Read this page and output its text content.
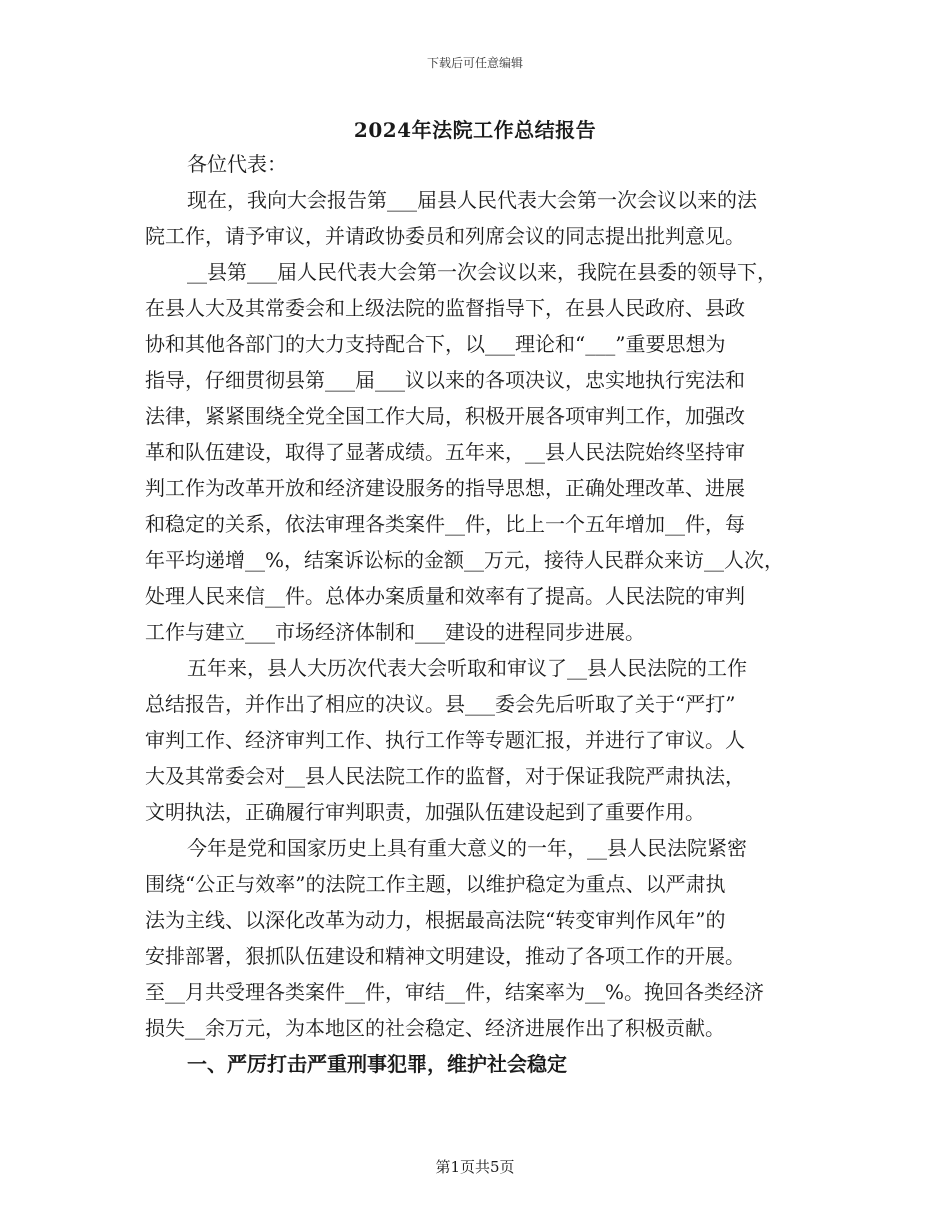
下载后可任意编辑
2024年法院工作总结报告
各位代表：
现在，我向大会报告第___届县人民代表大会第一次会议以来的法
院工作，请予审议，并请政协委员和列席会议的同志提出批判意见。
__县第___届人民代表大会第一次会议以来，我院在县委的领导下，
在县人大及其常委会和上级法院的监督指导下，在县人民政府、县政
协和其他各部门的大力支持配合下，以___理论和“___”重要思想为
指导，仔细贯彻县第___届___议以来的各项决议，忠实地执行宪法和
法律，紧紧围绕全党全国工作大局，积极开展各项审判工作，加强改
革和队伍建设，取得了显著成绩。五年来，__县人民法院始终坚持审
判工作为改革开放和经济建设服务的指导思想，正确处理改革、进展
和稳定的关系，依法审理各类案件__件，比上一个五年增加__件，每
年平均递增__%，结案诉讼标的金额__万元，接待人民群众来访__人次，
处理人民来信__件。总体办案质量和效率有了提高。人民法院的审判
工作与建立___市场经济体制和___建设的进程同步进展。
五年来，县人大历次代表大会听取和审议了__县人民法院的工作
总结报告，并作出了相应的决议。县___委会先后听取了关于“严打”
审判工作、经济审判工作、执行工作等专题汇报，并进行了审议。人
大及其常委会对__县人民法院工作的监督，对于保证我院严肃执法，
文明执法，正确履行审判职责，加强队伍建设起到了重要作用。
今年是党和国家历史上具有重大意义的一年，__县人民法院紧密
围绕“公正与效率”的法院工作主题，以维护稳定为重点、以严肃执
法为主线、以深化改革为动力，根据最高法院“转变审判作风年”的
安排部署，狠抓队伍建设和精神文明建设，推动了各项工作的开展。
至__月共受理各类案件__件，审结__件，结案率为__%。挽回各类经济
损失__余万元，为本地区的社会稳定、经济进展作出了积极贡献。
一、严厉打击严重刑事犯罪，维护社会稳定
第1页共5页
